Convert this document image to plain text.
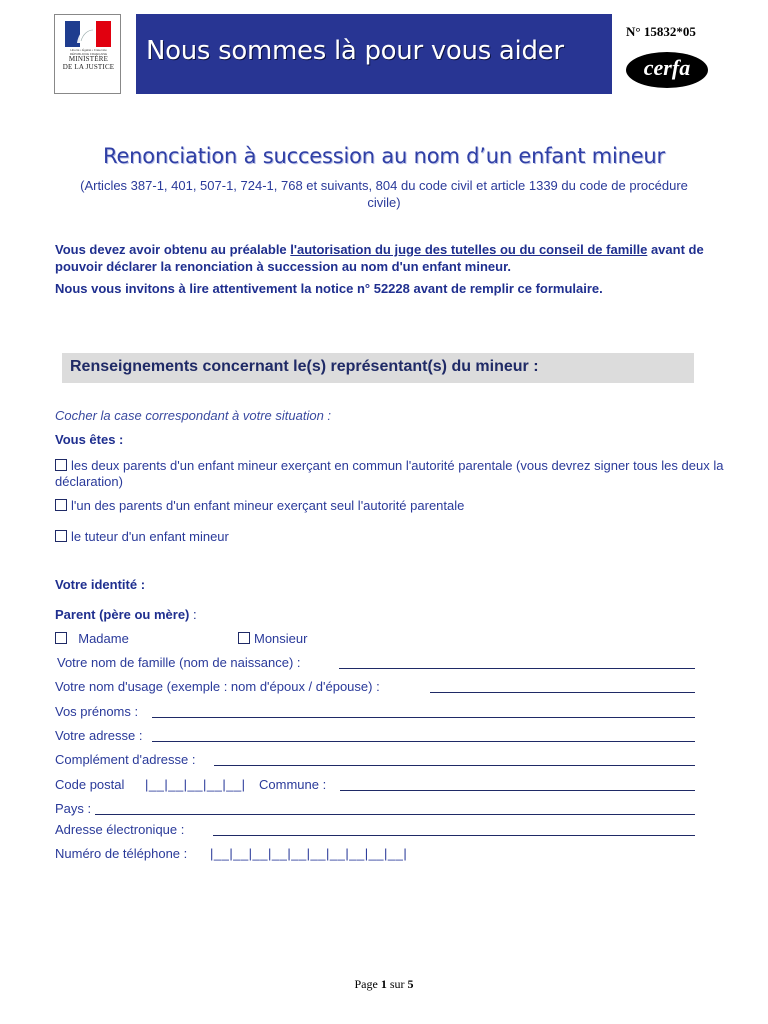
Liberté • Égalité • Fraternité RÉPUBLIQUE FRANÇAISE
MINISTÈRE
DE LA JUSTICE
Nous sommes là pour vous aider
N° 15832*05
cerfa
Renonciation à succession au nom d’un enfant mineur
(Articles 387-1, 401, 507-1, 724-1, 768 et suivants, 804 du code civil et article 1339 du code de procédure civile)
Vous devez avoir obtenu au préalable l'autorisation du juge des tutelles ou du conseil de famille avant de pouvoir déclarer la renonciation à succession au nom d'un enfant mineur.
Nous vous invitons à lire attentivement la notice n° 52228 avant de remplir ce formulaire.
Renseignements concernant le(s) représentant(s) du mineur :
Cocher la case correspondant à votre situation :
Vous êtes :
les deux parents d'un enfant mineur exerçant en commun l'autorité parentale (vous devrez signer tous les deux la déclaration)
l'un des parents d'un enfant mineur exerçant seul l'autorité parentale
le tuteur d'un enfant mineur
Votre identité :
Parent (père ou mère) :
Madame	Monsieur
Votre nom de famille (nom de naissance) :
Votre nom d'usage (exemple : nom d'époux / d'épouse) :
Vos prénoms :
Votre adresse :
Complément d'adresse :
Code postal |__|__|__|__|__| Commune :
Pays :
Adresse électronique :
Numéro de téléphone : |__|__|__|__|__|__|__|__|__|__|
Page 1 sur 5
